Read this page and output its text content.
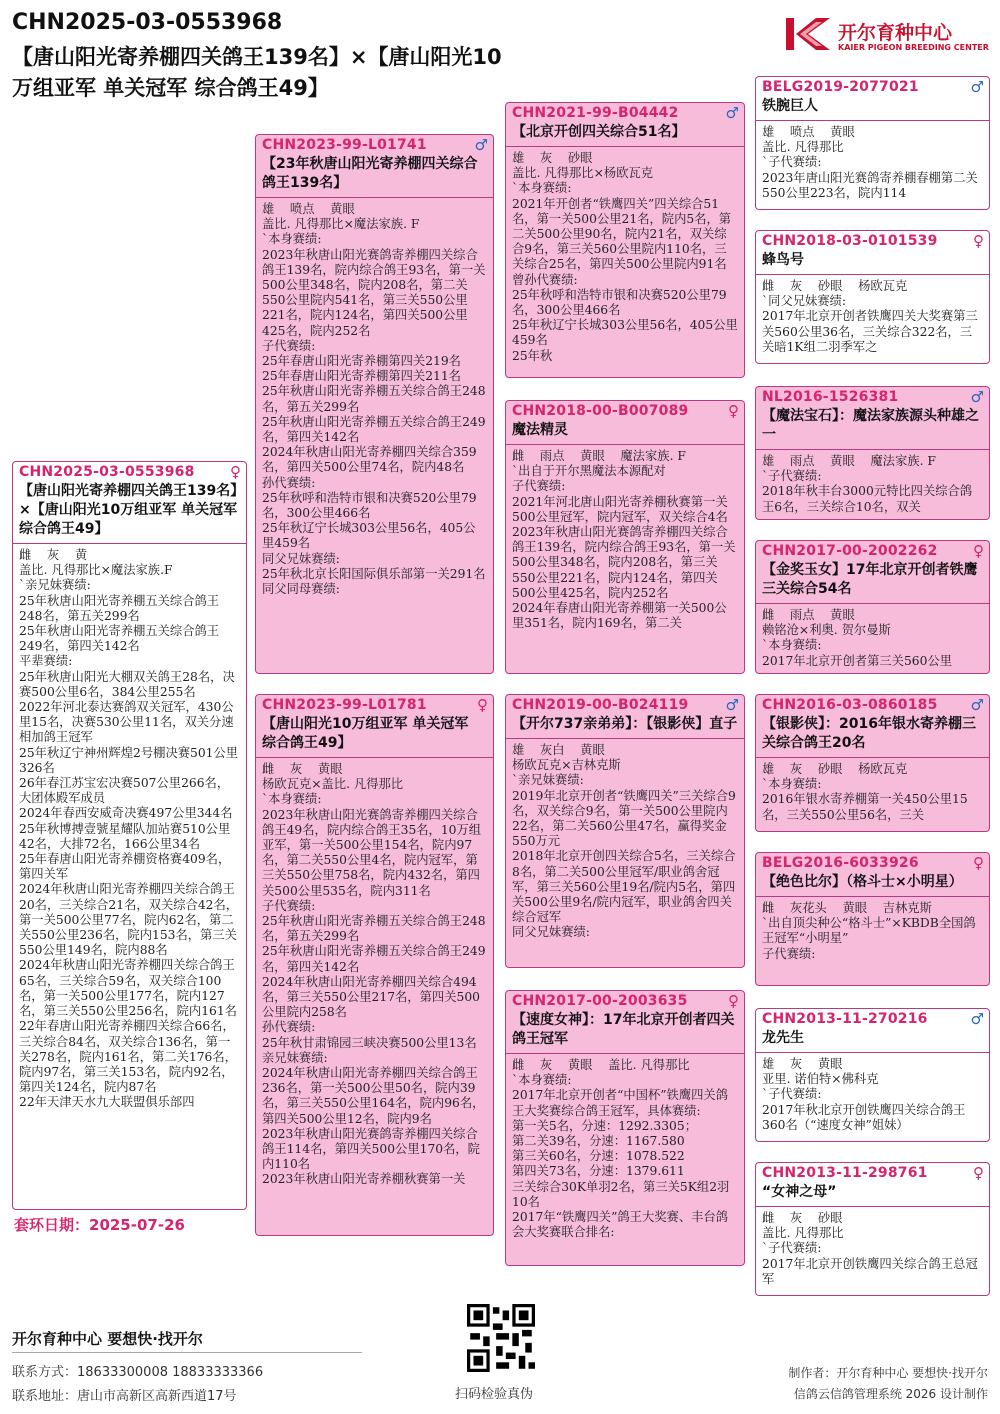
CHN2025-03-0553968
【唐山阳光寄养棚四关鸽王139名】×【唐山阳光10万组亚军 单关冠军 综合鸽王49】
开尔育种中心
KAIER PIGEON BREEDING CENTER
CHN2025-03-0553968	♀
【唐山阳光寄养棚四关鸽王139名】×【唐山阳光10万组亚军 单关冠军 综合鸽王49】
雌    灰    黄
盖比. 凡得那比×魔法家族.F
`亲兄妹赛绩:
25年秋唐山阳光寄养棚五关综合鸽王248名，第五关299名
25年秋唐山阳光寄养棚五关综合鸽王249名，第四关142名
平辈赛绩:
25年秋唐山阳光大棚双关鸽王28名，决赛500公里6名，384公里255名
2022年河北泰达赛鸽双关冠军，430公里15名，决赛530公里11名，双关分速相加鸽王冠军
25年秋辽宁神州辉煌2号棚决赛501公里326名
26年春江苏宝宏决赛507公里266名，大团体殿军成员
2024年春西安威奇决赛497公里344名
25年秋博搏壹號星耀队加站赛510公里42名，大排72名，166公里34名
25年春唐山阳光寄养棚资格赛409名，第四关军
2024年秋唐山阳光寄养棚四关综合鸽王20名，三关综合21名，双关综合42名，第一关500公里77名，院内62名，第二关550公里236名，院内153名，第三关550公里149名，院内88名
2024年秋唐山阳光寄养棚四关综合鸽王65名，三关综合59名，双关综合100名，第一关500公里177名，院内127名，第三关550公里256名，院内161名
22年春唐山阳光寄养棚四关综合66名，三关综合84名，双关综合136名，第一关278名，院内161名，第二关176名，院内97名，第三关153名，院内92名，第四关124名，院内87名
22年天津天水九大联盟俱乐部四
CHN2023-99-L01741	♂
【23年秋唐山阳光寄养棚四关综合鸽王139名】
雄    喷点    黄眼
盖比. 凡得那比×魔法家族. F
`本身赛绩:
2023年秋唐山阳光赛鸽寄养棚四关综合鸽王139名，院内综合鸽王93名，第一关500公里348名，院内208名，第二关550公里院内541名，第三关550公里221名，院内124名，第四关500公里425名，院内252名
子代赛绩:
25年春唐山阳光寄养棚第四关219名
25年春唐山阳光寄养棚第四关211名
25年秋唐山阳光寄养棚五关综合鸽王248名，第五关299名
25年秋唐山阳光寄养棚五关综合鸽王249名，第四关142名
2024年秋唐山阳光寄养棚四关综合359名，第四关500公里74名，院内48名
孙代赛绩:
25年秋呼和浩特市银和决赛520公里79名，300公里466名
25年秋辽宁长城303公里56名，405公里459名
同父兄妹赛绩:
25年秋北京长阳国际俱乐部第一关291名
同父同母赛绩:
CHN2023-99-L01781	♀
【唐山阳光10万组亚军 单关冠军 综合鸽王49】
雌    灰    黄眼
杨欧瓦克×盖比. 凡得那比
`本身赛绩:
2023年秋唐山阳光赛鸽寄养棚四关综合鸽王49名，院内综合鸽王35名，10万组亚军，第一关500公里154名，院内97名，第二关550公里4名，院内冠军，第三关550公里758名，院内432名，第四关500公里535名，院内311名
子代赛绩:
25年秋唐山阳光寄养棚五关综合鸽王248名，第五关299名
25年秋唐山阳光寄养棚五关综合鸽王249名，第四关142名
2024年秋唐山阳光寄养棚四关综合494名，第三关550公里217名，第四关500公里院内258名
孙代赛绩:
25年秋甘肃锦园三峡决赛500公里13名
亲兄妹赛绩:
2024年秋唐山阳光寄养棚四关综合鸽王236名，第一关500公里50名，院内39名，第三关550公里164名，院内96名，第四关500公里12名，院内9名
2023年秋唐山阳光赛鸽寄养棚四关综合鸽王114名，第四关500公里170名，院内110名
2023年秋唐山阳光寄养棚秋赛第一关
CHN2021-99-B04442	♂
【北京开创四关综合51名】
雄    灰    砂眼
盖比. 凡得那比×杨欧瓦克
`本身赛绩:
2021年开创者“铁鹰四关”四关综合51名，第一关500公里21名，院内5名，第二关500公里90名，院内21名，双关综合9名，第三关560公里院内110名，三关综合25名，第四关500公里院内91名
曾孙代赛绩:
25年秋呼和浩特市银和决赛520公里79名，300公里466名
25年秋辽宁长城303公里56名，405公里459名
25年秋
CHN2018-00-B007089	♀
魔法精灵
雌    雨点    黄眼    魔法家族. F
`出自于开尔黑魔法本源配对
子代赛绩:
2021年河北唐山阳光寄养棚秋赛第一关500公里冠军，院内冠军，双关综合4名
2023年秋唐山阳光赛鸽寄养棚四关综合鸽王139名，院内综合鸽王93名，第一关500公里348名，院内208名，第三关550公里221名，院内124名，第四关500公里425名，院内252名
2024年春唐山阳光寄养棚第一关500公里351名，院内169名，第二关
CHN2019-00-B024119	♂
【开尔737亲弟弟】：【银影侠】直子
雄    灰白    黄眼
杨欧瓦克×吉林克斯
`亲兄妹赛绩:
2019年北京开创者“铁鹰四关”三关综合9名，双关综合9名，第一关500公里院内22名，第二关560公里47名，赢得奖金550万元
2018年北京开创四关综合5名，三关综合8名，第二关500公里冠军/职业鸽舍冠军，第三关560公里19名/院内5名，第四关500公里9名/院内冠军，职业鸽舍四关综合冠军
同父兄妹赛绩:
CHN2017-00-2003635	♀
【速度女神】：17年北京开创者四关鸽王冠军
雌    灰    黄眼    盖比. 凡得那比
`本身赛绩:
2017年北京开创者“中国杯”铁鹰四关鸽王大奖赛综合鸽王冠军，具体赛绩:
第一关5名，分速：1292.3305；
第二关39名，分速：1167.580
第三关60名，分速：1078.522
第四关73名，分速：1379.611
三关综合30K单羽2名，第三关5K组2羽10名
2017年“铁鹰四关”鸽王大奖赛、丰台鸽会大奖赛联合排名:
BELG2019-2077021	♂
铁腕巨人
雄    喷点    黄眼
盖比. 凡得那比
`子代赛绩:
2023年唐山阳光赛鸽寄养棚春棚第二关550公里223名，院内114
CHN2018-03-0101539	♀
蜂鸟号
雌    灰    砂眼    杨欧瓦克
`同父兄妹赛绩:
2017年北京开创者铁鹰四关大奖赛第三关560公里36名，三关综合322名，三关暗1K组二羽季军之
NL2016-1526381	♂
【魔法宝石】：魔法家族源头种雄之一
雄    雨点    黄眼    魔法家族. F
`子代赛绩:
2018年秋丰台3000元特比四关综合鸽王6名，三关综合10名，双关
CHN2017-00-2002262	♀
【金奖玉女】17年北京开创者铁鹰三关综合54名
雌    雨点    黄眼
赖铭沧×利奥. 贺尔曼斯
`本身赛绩:
2017年北京开创者第三关560公里
CHN2016-03-0860185	♂
【银影侠】：2016年银水寄养棚三关综合鸽王20名
雄    灰    砂眼    杨欧瓦克
`本身赛绩:
2016年银水寄养棚第一关450公里15名，三关550公里56名，三关
BELG2016-6033926	♀
【绝色比尔】（格斗士×小明星）
雌    灰花头    黄眼    吉林克斯
`出自顶尖种公“格斗士”×KBDB全国鸽王冠军“小明星”
子代赛绩:
CHN2013-11-270216	♂
龙先生
雄    灰    黄眼
亚里. 诺伯特×佛科克
`子代赛绩:
2017年秋北京开创铁鹰四关综合鸽王360名（“速度女神”姐妹）
CHN2013-11-298761	♀
“女神之母”
雌    灰    砂眼
盖比. 凡得那比
`子代赛绩:
2017年北京开创铁鹰四关综合鸽王总冠军
套环日期：2025-07-26
开尔育种中心 要想快·找开尔
联系方式：18633300008 18833333366
联系地址：唐山市高新区高新西道17号	扫码检验真伪
制作者：开尔育种中心 要想快·找开尔
信鸽云信鸽管理系统 2026 设计制作
